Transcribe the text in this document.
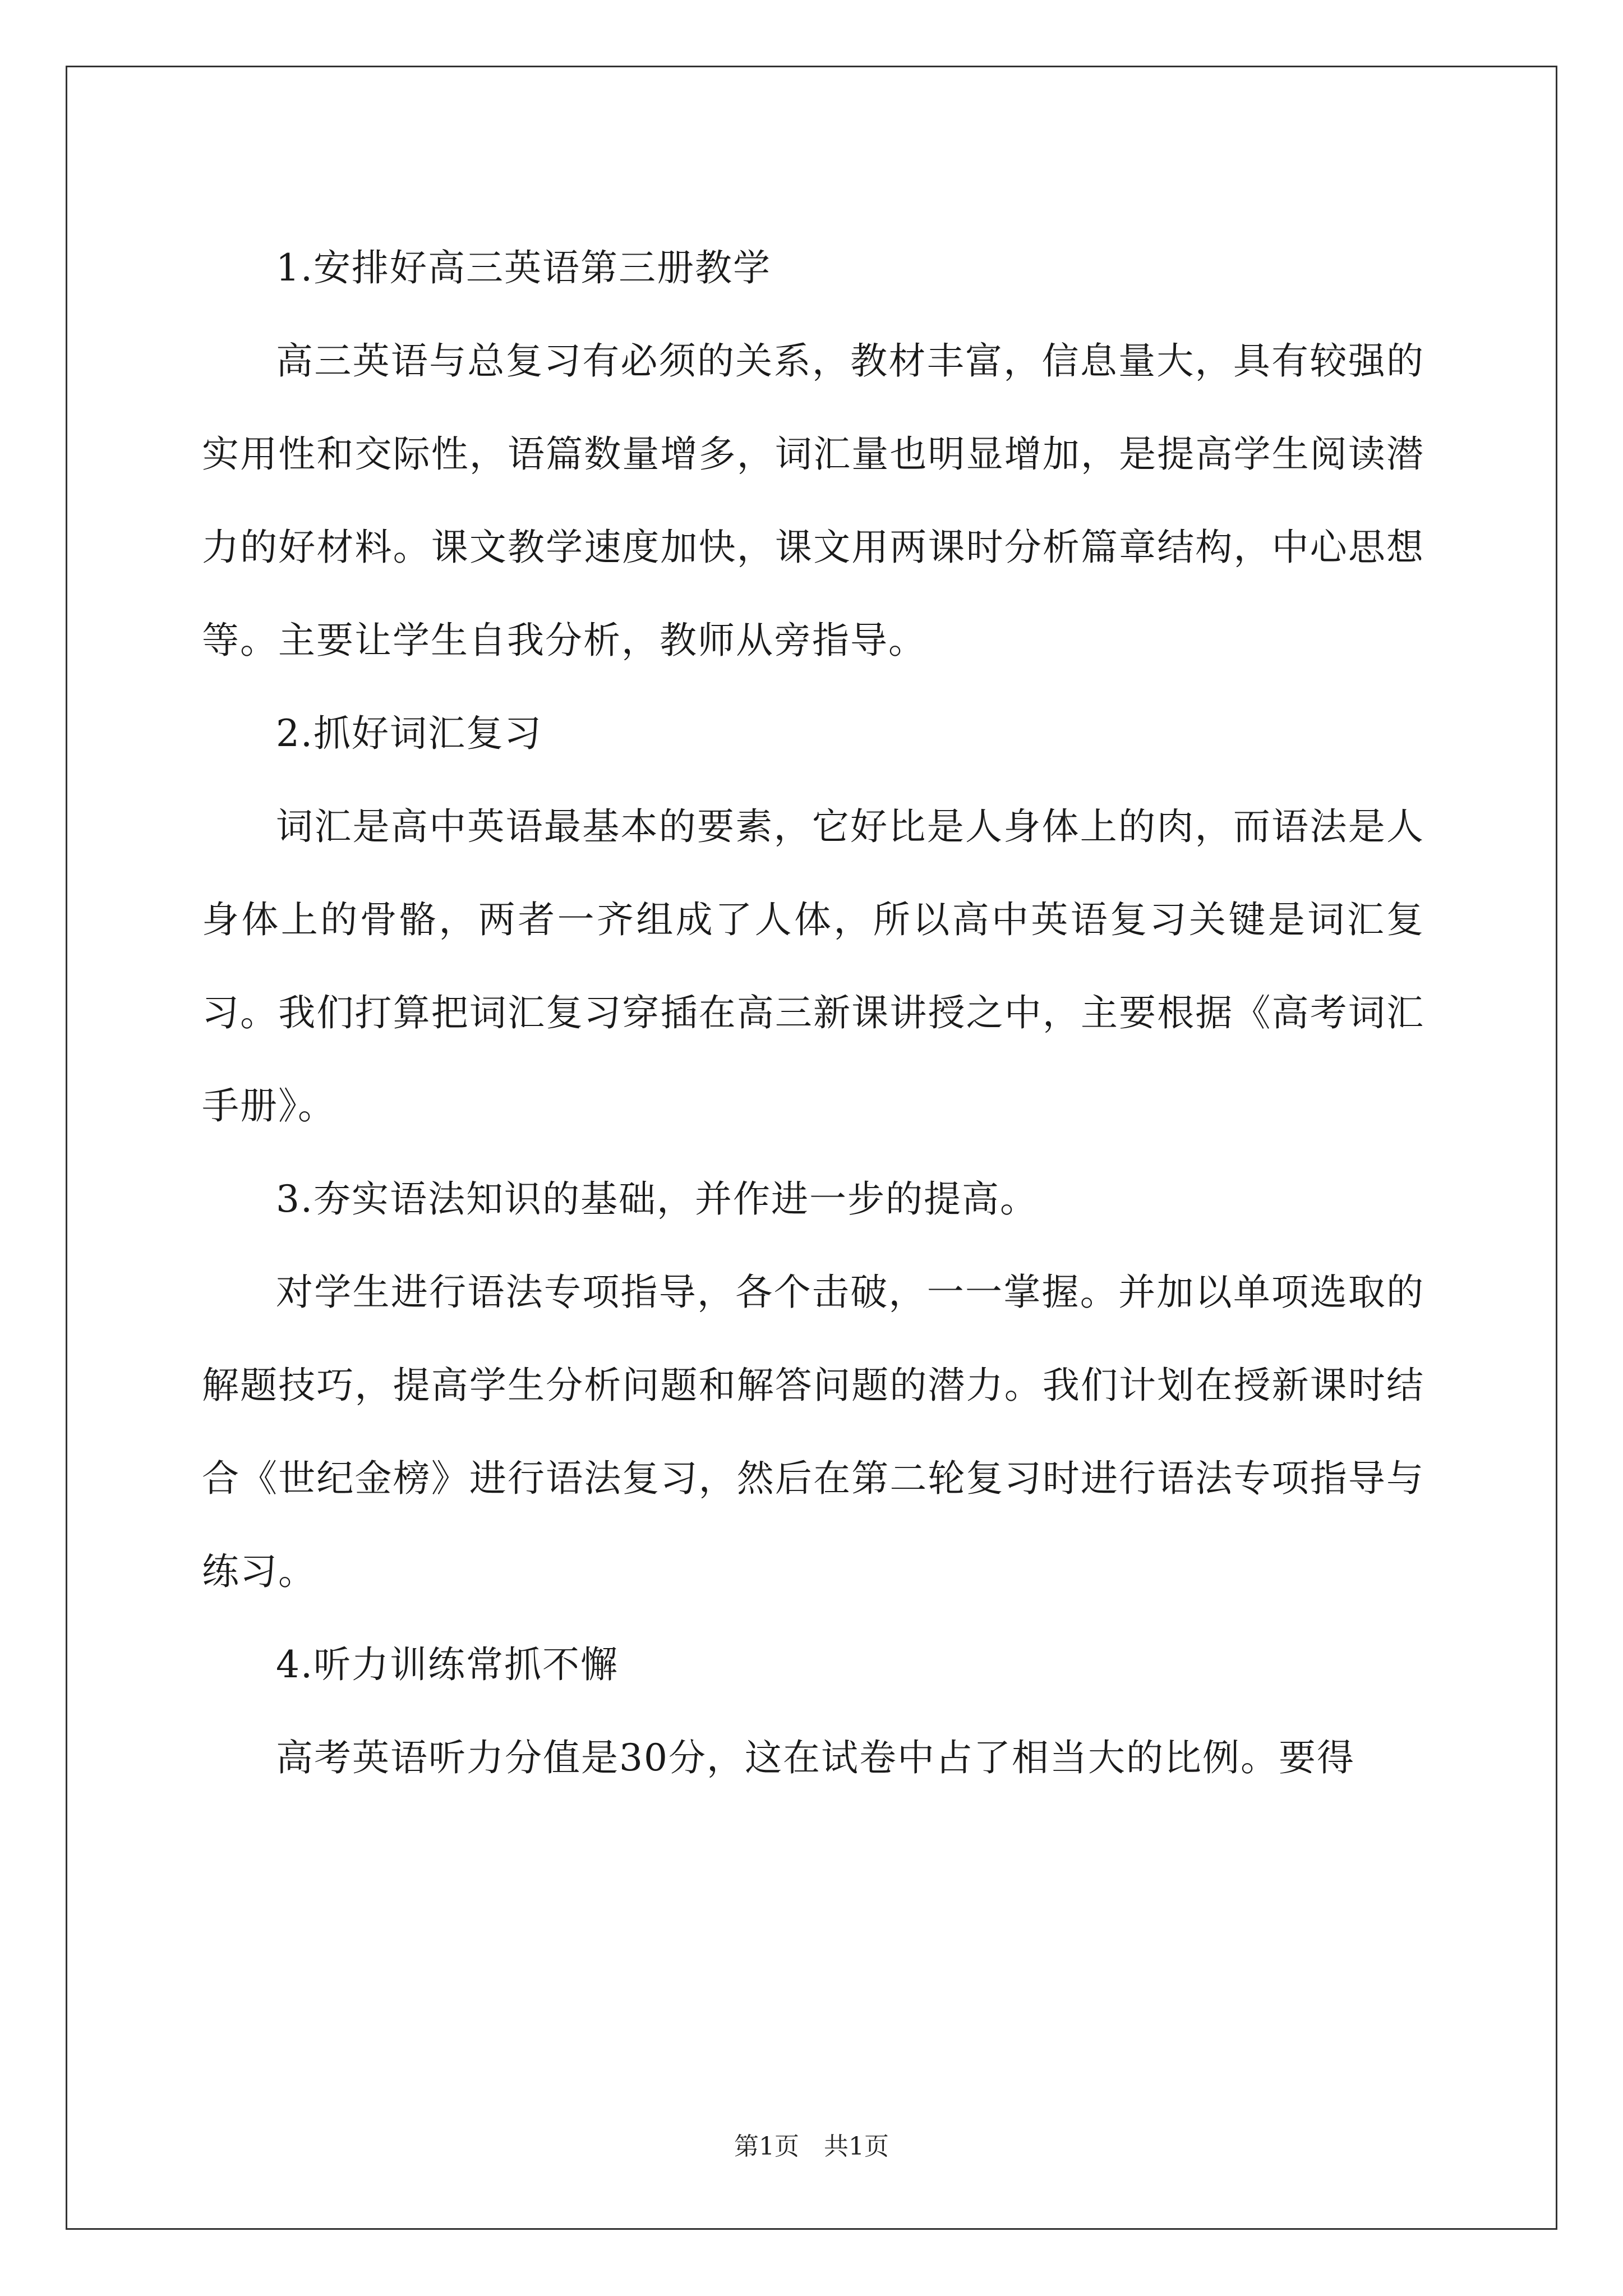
1.安排好高三英语第三册教学

高三英语与总复习有必须的关系，教材丰富，信息量大，具有较强的实用性和交际性，语篇数量增多，词汇量也明显增加，是提高学生阅读潜力的好材料。课文教学速度加快，课文用两课时分析篇章结构，中心思想等。主要让学生自我分析，教师从旁指导。

2.抓好词汇复习

词汇是高中英语最基本的要素，它好比是人身体上的肉，而语法是人身体上的骨骼，两者一齐组成了人体，所以高中英语复习关键是词汇复习。我们打算把词汇复习穿插在高三新课讲授之中，主要根据《高考词汇手册》。

3.夯实语法知识的基础，并作进一步的提高。

对学生进行语法专项指导，各个击破，一一掌握。并加以单项选取的解题技巧，提高学生分析问题和解答问题的潜力。我们计划在授新课时结合《世纪金榜》进行语法复习，然后在第二轮复习时进行语法专项指导与练习。

4.听力训练常抓不懈

高考英语听力分值是30分，这在试卷中占了相当大的比例。要得

第1页　共1页
